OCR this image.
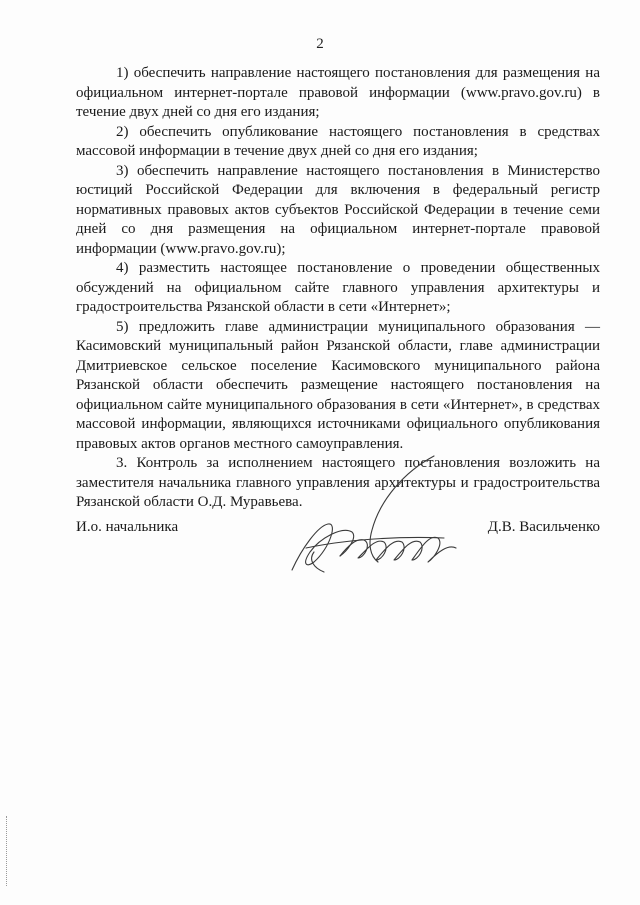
2

1) обеспечить направление настоящего постановления для размещения на официальном интернет-портале правовой информации (www.pravo.gov.ru) в течение двух дней со дня его издания;

2) обеспечить опубликование настоящего постановления в средствах массовой информации в течение двух дней со дня его издания;

3) обеспечить направление настоящего постановления в Министерство юстиций Российской Федерации для включения в федеральный регистр нормативных правовых актов субъектов Российской Федерации в течение семи дней со дня размещения на официальном интернет-портале правовой информации (www.pravo.gov.ru);

4) разместить настоящее постановление о проведении общественных обсуждений на официальном сайте главного управления архитектуры и градостроительства Рязанской области в сети «Интернет»;

5) предложить главе администрации муниципального образования — Касимовский муниципальный район Рязанской области, главе администрации Дмитриевское сельское поселение Касимовского муниципального района Рязанской области обеспечить размещение настоящего постановления на официальном сайте муниципального образования в сети «Интернет», в средствах массовой информации, являющихся источниками официального опубликования правовых актов органов местного самоуправления.

3. Контроль за исполнением настоящего постановления возложить на заместителя начальника главного управления архитектуры и градостроительства Рязанской области О.Д. Муравьева.

И.о. начальника	Д.В. Васильченко
